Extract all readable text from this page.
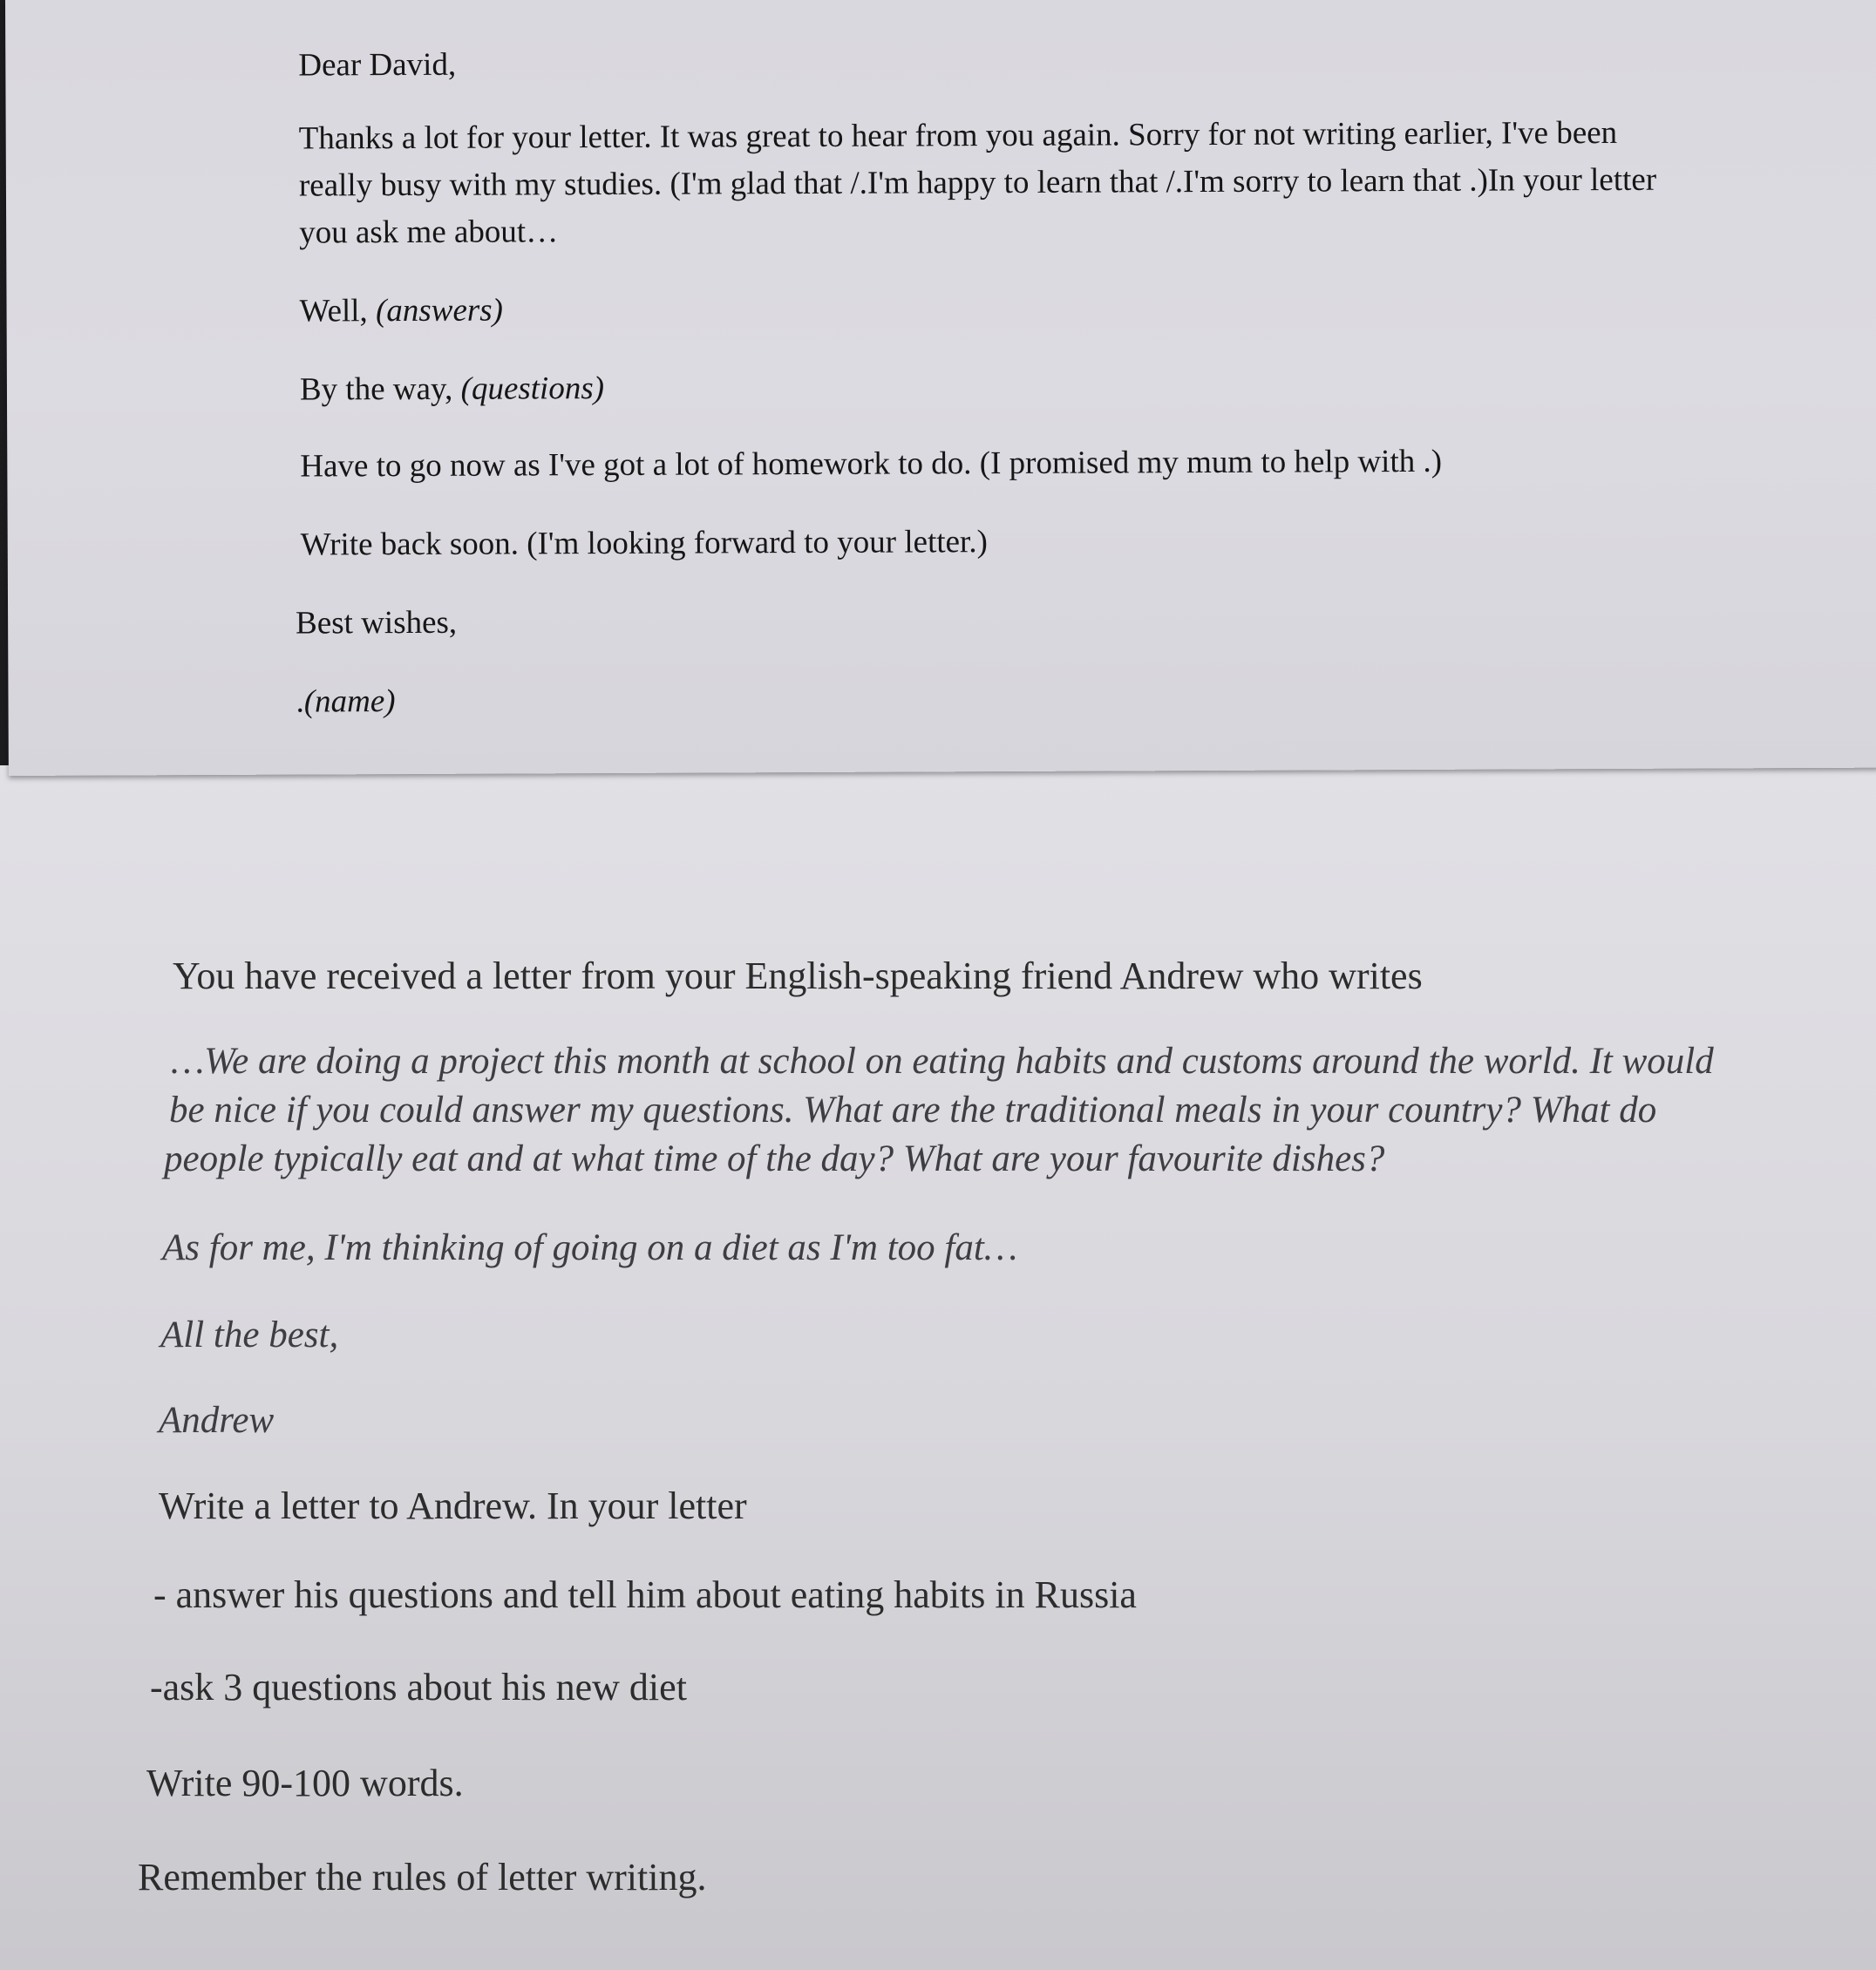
Dear David,
Thanks a lot for your letter. It was great to hear from you again. Sorry for not writing earlier, I've been
really busy with my studies. (I'm glad that /.I'm happy to learn that /.I'm sorry to learn that .)In your letter
you ask me about…
Well, (answers)
By the way, (questions)
Have to go now as I've got a lot of homework to do. (I promised my mum to help with .)
Write back soon. (I'm looking forward to your letter.)
Best wishes,
.(name)
You have received a letter from your English-speaking friend Andrew who writes
…We are doing a project this month at school on eating habits and customs around the world. It would
be nice if you could answer my questions. What are the traditional meals in your country? What do
people typically eat and at what time of the day? What are your favourite dishes?
As for me, I'm thinking of going on a diet as I'm too fat…
All the best,
Andrew
Write a letter to Andrew. In your letter
- answer his questions and tell him about eating habits in Russia
-ask 3 questions about his new diet
Write 90-100 words.
Remember the rules of letter writing.
